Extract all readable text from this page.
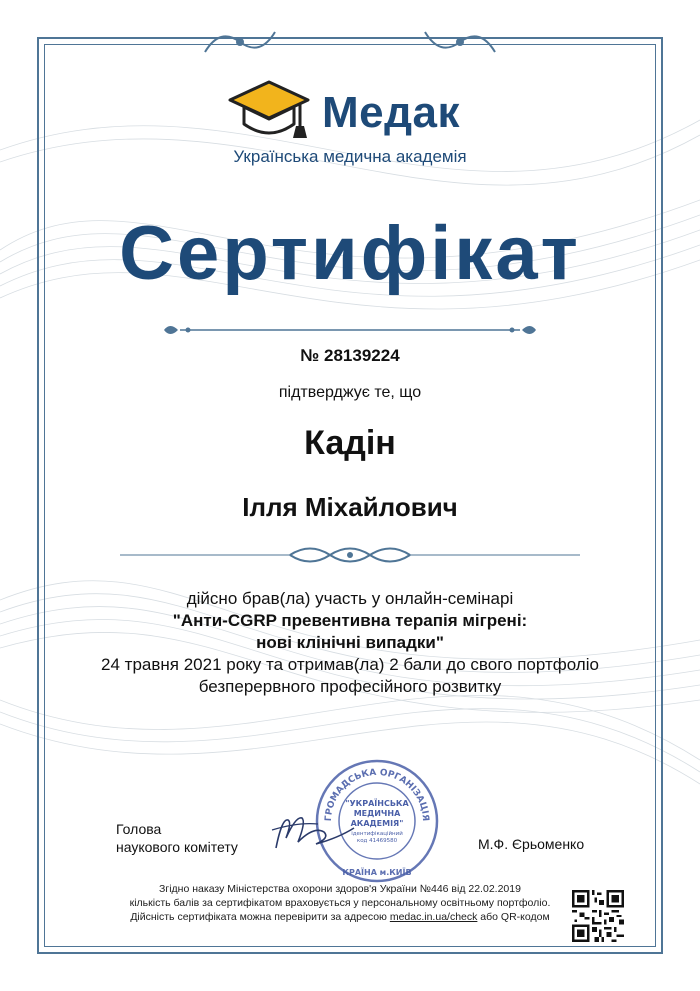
Медак
Українська медична академія
Сертифікат
№ 28139224
підтверджує те, що
Кадін
Ілля Міхайлович
дійсно брав(ла) участь у онлайн-семінарі
"Анти-CGRP превентивна терапія мігрені:
нові клінічні випадки"
24 травня 2021 року та отримав(ла) 2 бали до свого портфоліо
безперервного професійного розвитку
Голова
наукового комітету
ГРОМАДСЬКА ОРГАНІЗАЦІЯ
КРАЇНА м.КИЇВ
"УКРАЇНСЬКА
МЕДИЧНА
АКАДЕМІЯ"
ідентифікаційний
код 41469580	М.Ф. Єрьоменко
Згідно наказу Міністерства охорони здоров'я України №446 від 22.02.2019
кількість балів за сертифікатом враховується у персональному освітньому портфоліо.
Дійсність сертифіката можна перевірити за адресою medac.in.ua/check або QR-кодом
